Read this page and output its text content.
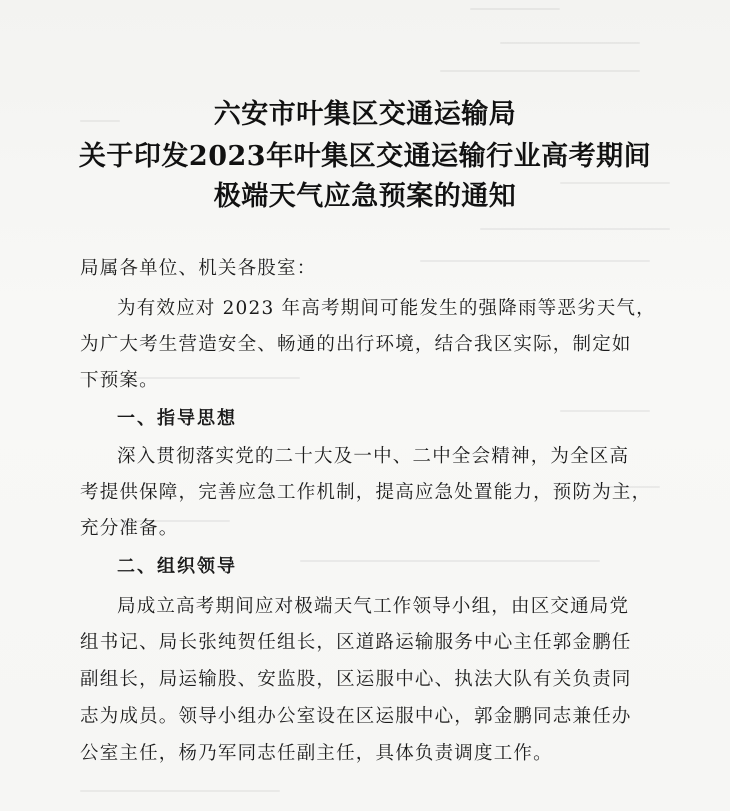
六安市叶集区交通运输局
关于印发2023年叶集区交通运输行业高考期间
极端天气应急预案的通知
局属各单位、机关各股室：
为有效应对 2023 年高考期间可能发生的强降雨等恶劣天气，
为广大考生营造安全、畅通的出行环境，结合我区实际，制定如
下预案。
一、指导思想
深入贯彻落实党的二十大及一中、二中全会精神，为全区高
考提供保障，完善应急工作机制，提高应急处置能力，预防为主，
充分准备。
二、组织领导
局成立高考期间应对极端天气工作领导小组，由区交通局党
组书记、局长张纯贺任组长，区道路运输服务中心主任郭金鹏任
副组长，局运输股、安监股，区运服中心、执法大队有关负责同
志为成员。领导小组办公室设在区运服中心，郭金鹏同志兼任办
公室主任，杨乃军同志任副主任，具体负责调度工作。
